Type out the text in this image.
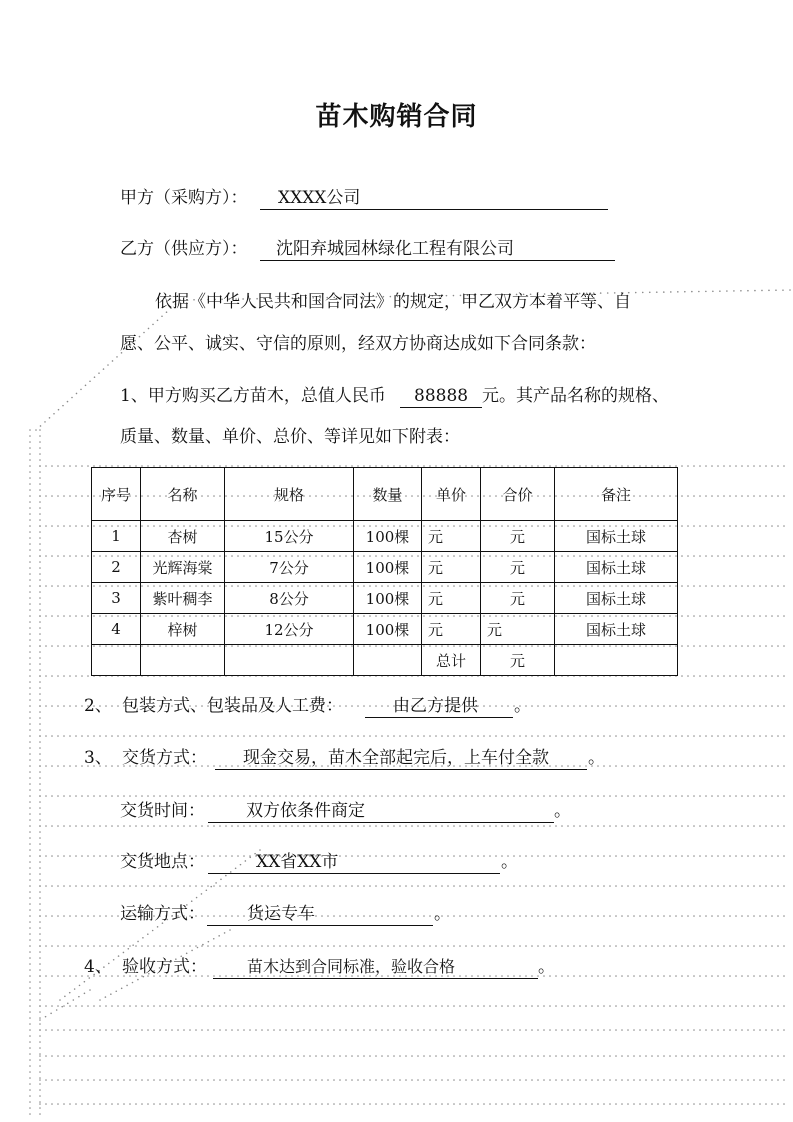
苗木购销合同
甲方（采购方）：	XXXX公司
乙方（供应方）：	沈阳弃城园林绿化工程有限公司
依据《中华人民共和国合同法》的规定，甲乙双方本着平等、自
愿、公平、诚实、守信的原则，经双方协商达成如下合同条款：
1、甲方购买乙方苗木，总值人民币	88888 元。其产品名称的规格、
质量、数量、单价、总价、等详见如下附表：
序号	名称	规格	数量	单价	合价	备注
1	杏树	15公分	100棵	元	元	国标土球
2	光辉海棠	7公分	100棵	元	元	国标土球
3	紫叶稠李	8公分	100棵	元	元	国标土球
4	梓树	12公分	100棵	元	元	国标土球
				总计	元	
2、 包装方式、包装品及人工费：	由乙方提供	。
3、 交货方式：	现金交易，苗木全部起完后，上车付全款	。
交货时间：	双方依条件商定	。
交货地点：	XX省XX市	。
运输方式：	货运专车	。
4、 验收方式：	苗木达到合同标准，验收合格	。
